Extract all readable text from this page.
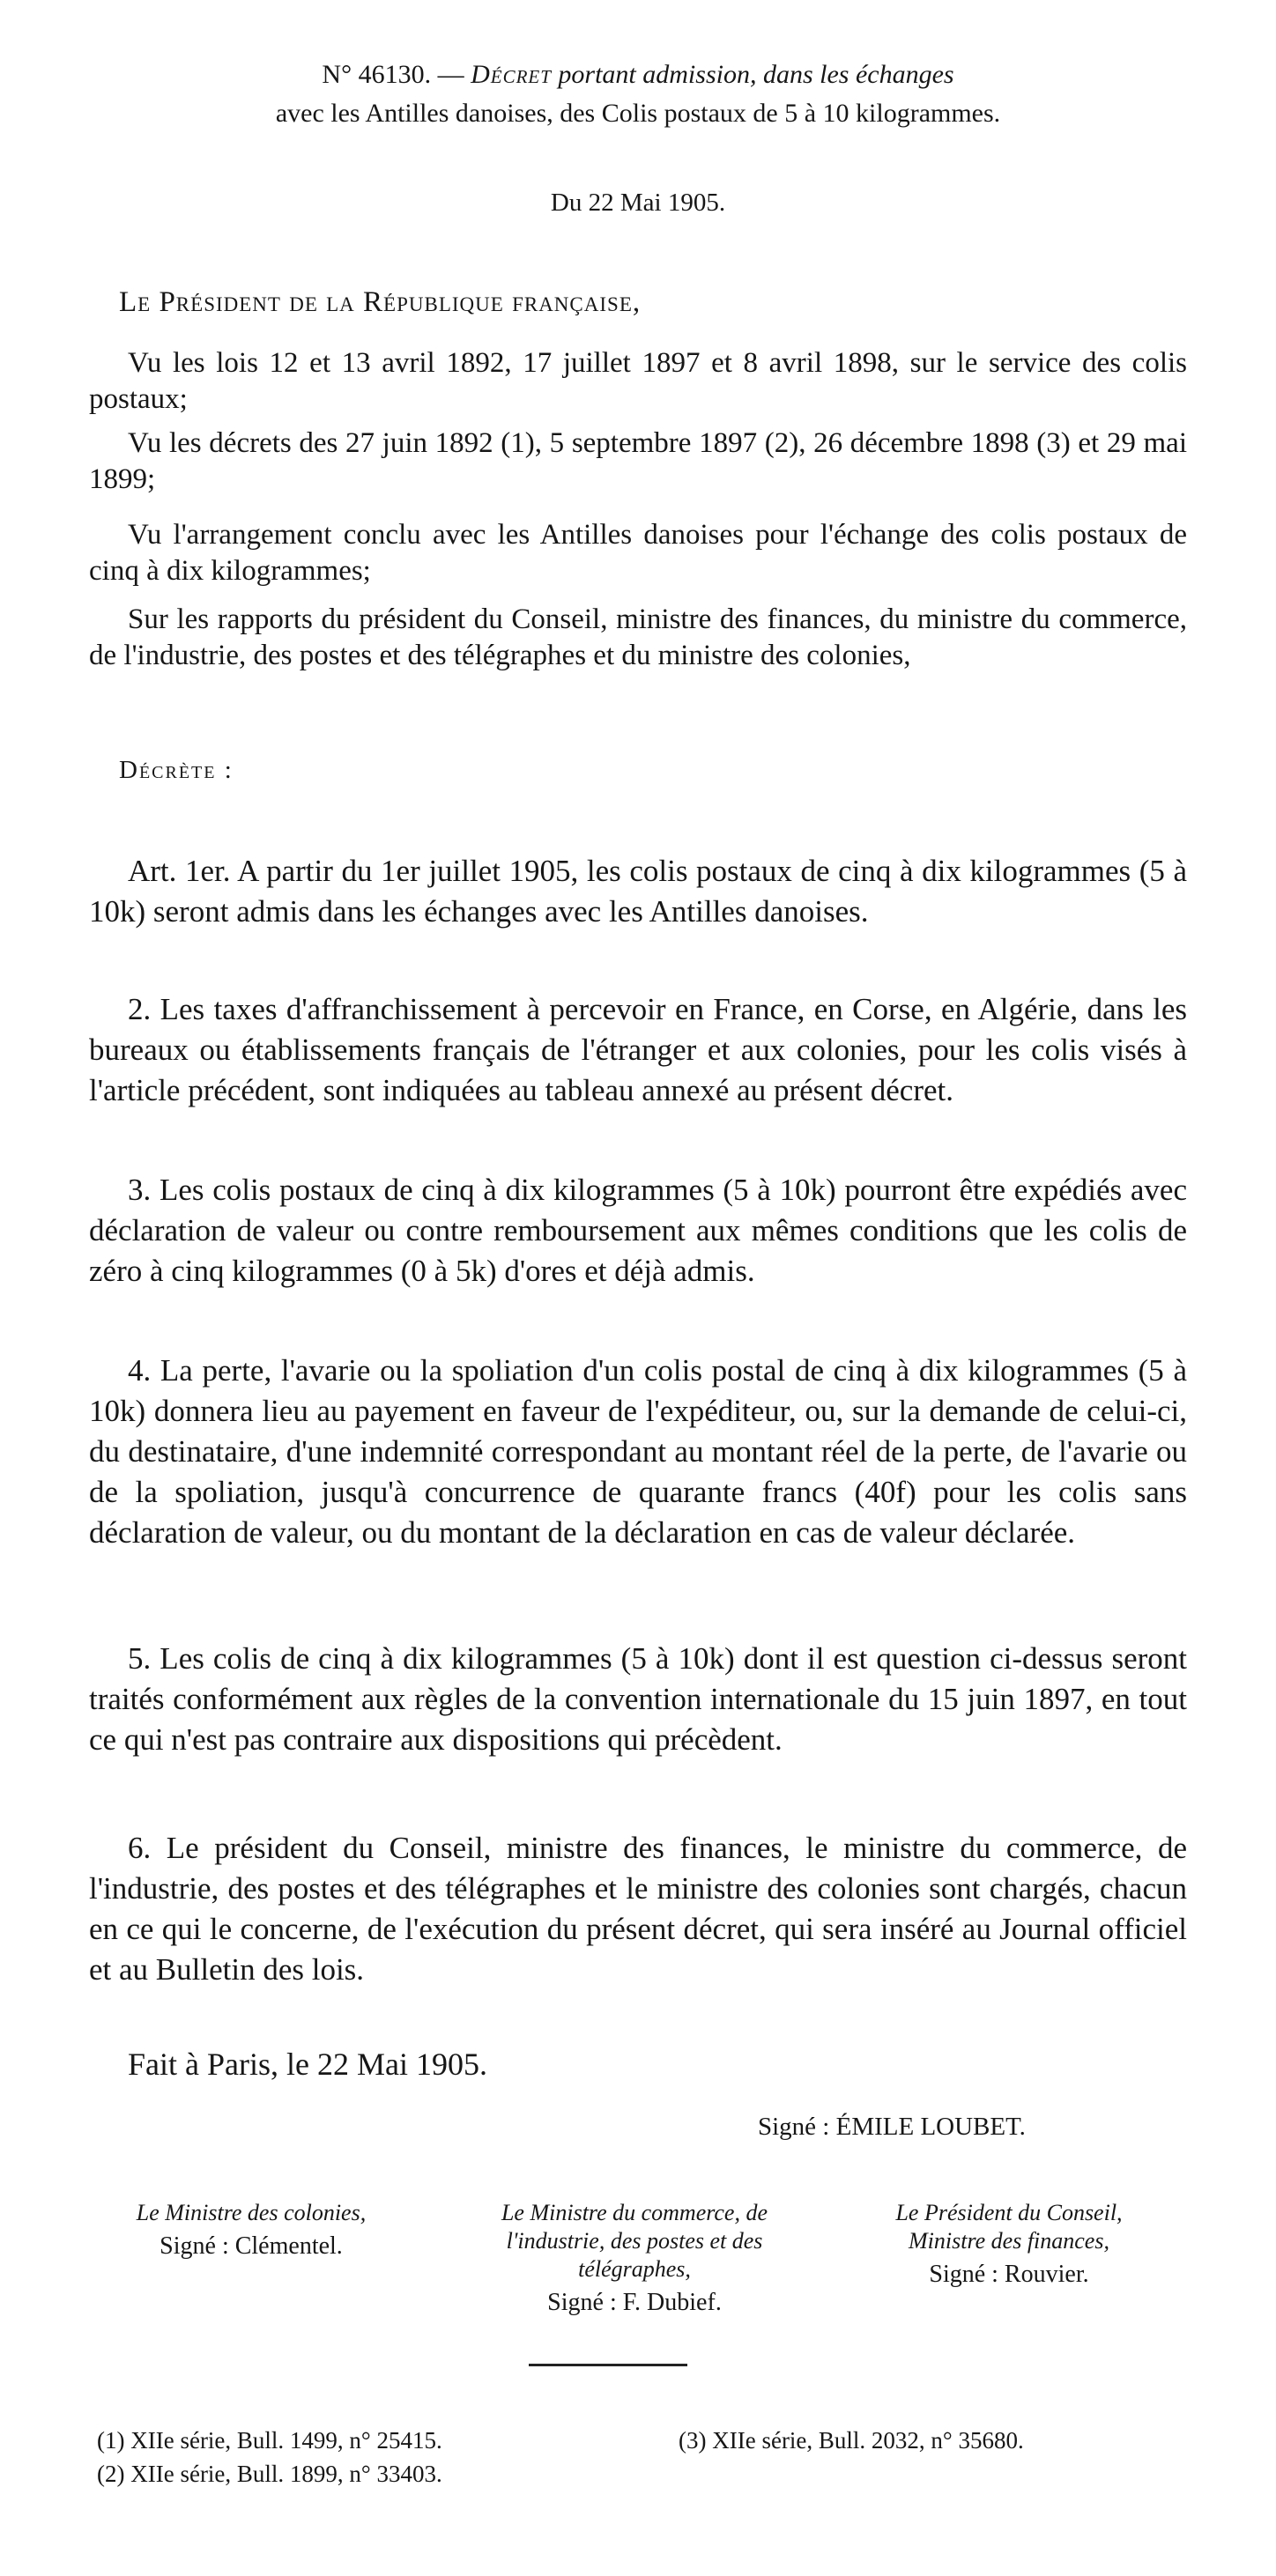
N° 46130. — Décret portant admission, dans les échanges
avec les Antilles danoises, des Colis postaux de 5 à 10 kilogrammes.
Du 22 Mai 1905.
Le Président de la République française,
Vu les lois 12 et 13 avril 1892, 17 juillet 1897 et 8 avril 1898, sur le service des colis postaux;
Vu les décrets des 27 juin 1892 (1), 5 septembre 1897 (2), 26 décembre 1898 (3) et 29 mai 1899;
Vu l'arrangement conclu avec les Antilles danoises pour l'échange des colis postaux de cinq à dix kilogrammes;
Sur les rapports du président du Conseil, ministre des finances, du ministre du commerce, de l'industrie, des postes et des télégraphes et du ministre des colonies,
Décrète :
Art. 1er. A partir du 1er juillet 1905, les colis postaux de cinq à dix kilogrammes (5 à 10k) seront admis dans les échanges avec les Antilles danoises.
2. Les taxes d'affranchissement à percevoir en France, en Corse, en Algérie, dans les bureaux ou établissements français de l'étranger et aux colonies, pour les colis visés à l'article précédent, sont indiquées au tableau annexé au présent décret.
3. Les colis postaux de cinq à dix kilogrammes (5 à 10k) pourront être expédiés avec déclaration de valeur ou contre remboursement aux mêmes conditions que les colis de zéro à cinq kilogrammes (0 à 5k) d'ores et déjà admis.
4. La perte, l'avarie ou la spoliation d'un colis postal de cinq à dix kilogrammes (5 à 10k) donnera lieu au payement en faveur de l'expéditeur, ou, sur la demande de celui-ci, du destinataire, d'une indemnité correspondant au montant réel de la perte, de l'avarie ou de la spoliation, jusqu'à concurrence de quarante francs (40f) pour les colis sans déclaration de valeur, ou du montant de la déclaration en cas de valeur déclarée.
5. Les colis de cinq à dix kilogrammes (5 à 10k) dont il est question ci-dessus seront traités conformément aux règles de la convention internationale du 15 juin 1897, en tout ce qui n'est pas contraire aux dispositions qui précèdent.
6. Le président du Conseil, ministre des finances, le ministre du commerce, de l'industrie, des postes et des télégraphes et le ministre des colonies sont chargés, chacun en ce qui le concerne, de l'exécution du présent décret, qui sera inséré au Journal officiel et au Bulletin des lois.
Fait à Paris, le 22 Mai 1905.
Signé : ÉMILE LOUBET.
Le Ministre des colonies,
Signé : Clémentel.
Le Ministre du commerce, de l'industrie, des postes et des télégraphes,
Signé : F. Dubief.
Le Président du Conseil, Ministre des finances,
Signé : Rouvier.
(1) XIIe série, Bull. 1499, n° 25415.
(2) XIIe série, Bull. 1899, n° 33403.
(3) XIIe série, Bull. 2032, n° 35680.
